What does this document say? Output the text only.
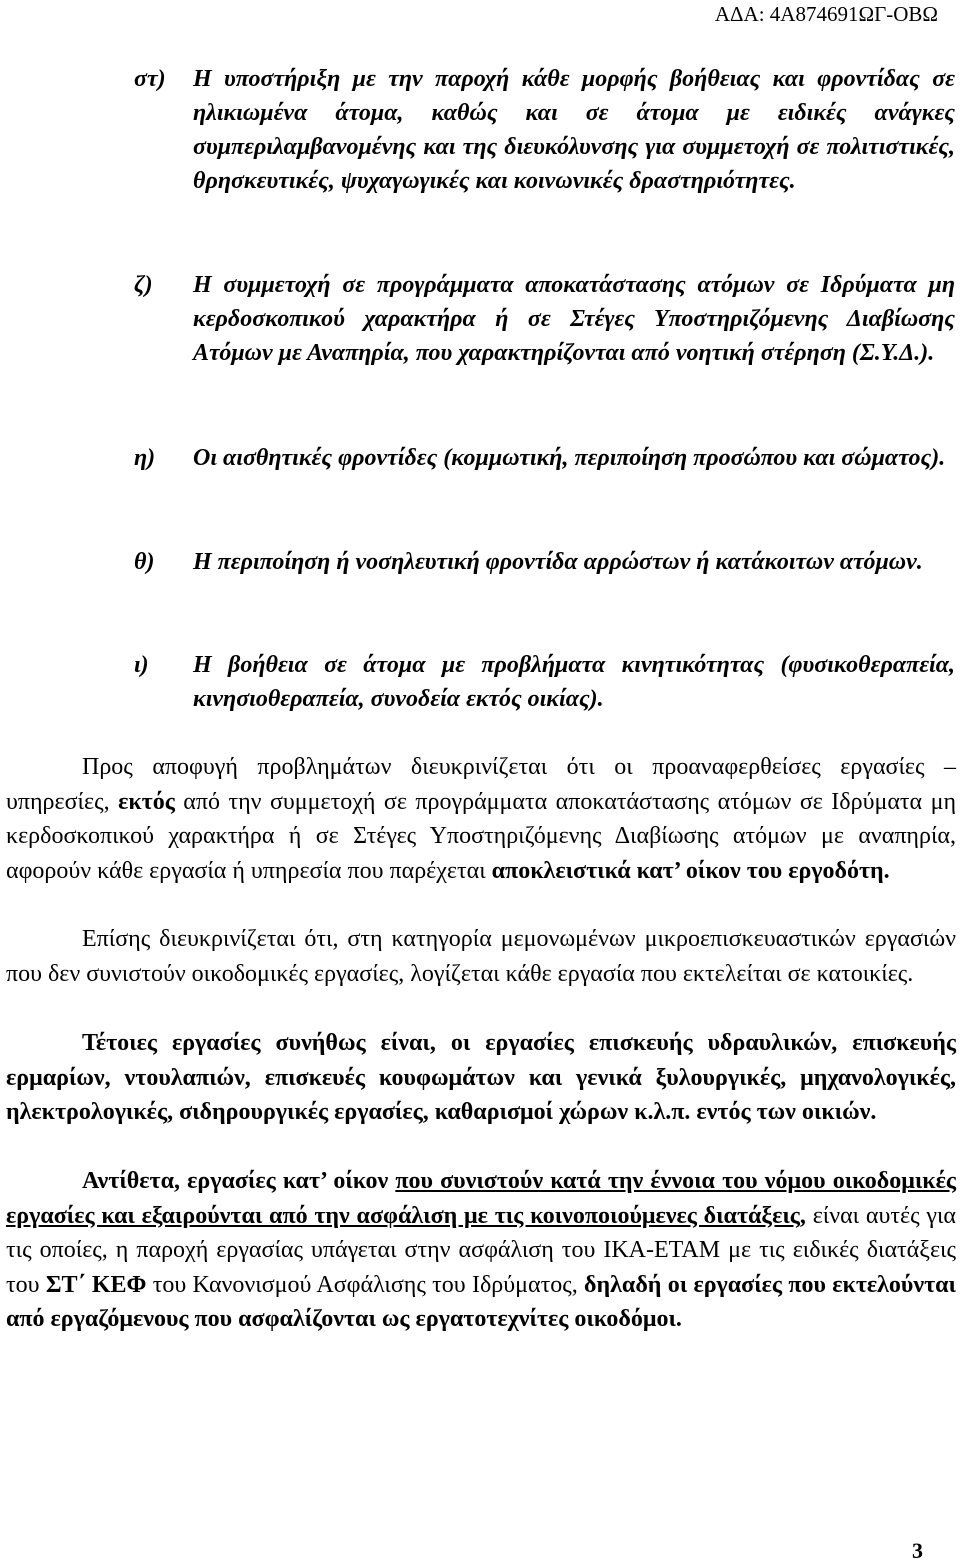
ΑΔΑ: 4Α874691ΩΓ-ΟΒΩ
στ) Η υποστήριξη με την παροχή κάθε μορφής βοήθειας και φροντίδας σε ηλικιωμένα άτομα, καθώς και σε άτομα με ειδικές ανάγκες συμπεριλαμβανομένης και της διευκόλυνσης για συμμετοχή σε πολιτιστικές, θρησκευτικές, ψυχαγωγικές και κοινωνικές δραστηριότητες.
ζ) Η συμμετοχή σε προγράμματα αποκατάστασης ατόμων σε Ιδρύματα μη κερδοσκοπικού χαρακτήρα ή σε Στέγες Υποστηριζόμενης Διαβίωσης Ατόμων με Αναπηρία, που χαρακτηρίζονται από νοητική στέρηση (Σ.Υ.Δ.).
η) Οι αισθητικές φροντίδες (κομμωτική, περιποίηση προσώπου και σώματος).
θ) Η περιποίηση ή νοσηλευτική φροντίδα αρρώστων ή κατάκοιτων ατόμων.
ι) Η βοήθεια σε άτομα με προβλήματα κινητικότητας (φυσικοθεραπεία, κινησιοθεραπεία, συνοδεία εκτός οικίας).

Προς αποφυγή προβλημάτων διευκρινίζεται ότι οι προαναφερθείσες εργασίες – υπηρεσίες, εκτός από την συμμετοχή σε προγράμματα αποκατάστασης ατόμων σε Ιδρύματα μη κερδοσκοπικού χαρακτήρα ή σε Στέγες Υποστηριζόμενης Διαβίωσης ατόμων με αναπηρία, αφορούν κάθε εργασία ή υπηρεσία που παρέχεται αποκλειστικά κατ’ οίκον του εργοδότη.

Επίσης διευκρινίζεται ότι, στη κατηγορία μεμονωμένων μικροεπισκευαστικών εργασιών που δεν συνιστούν οικοδομικές εργασίες, λογίζεται κάθε εργασία που εκτελείται σε κατοικίες.

Τέτοιες εργασίες συνήθως είναι, οι εργασίες επισκευής υδραυλικών, επισκευής ερμαρίων, ντουλαπιών, επισκευές κουφωμάτων και γενικά ξυλουργικές, μηχανολογικές, ηλεκτρολογικές, σιδηρουργικές εργασίες, καθαρισμοί χώρων κ.λ.π. εντός των οικιών.

Αντίθετα, εργασίες κατ’ οίκον που συνιστούν κατά την έννοια του νόμου οικοδομικές εργασίες και εξαιρούνται από την ασφάλιση με τις κοινοποιούμενες διατάξεις, είναι αυτές για τις οποίες, η παροχή εργασίας υπάγεται στην ασφάλιση του ΙΚΑ-ΕΤΑΜ με τις ειδικές διατάξεις του ΣΤ΄ ΚΕΦ του Κανονισμού Ασφάλισης του Ιδρύματος, δηλαδή οι εργασίες που εκτελούνται από εργαζόμενους που ασφαλίζονται ως εργατοτεχνίτες οικοδόμοι.

3
